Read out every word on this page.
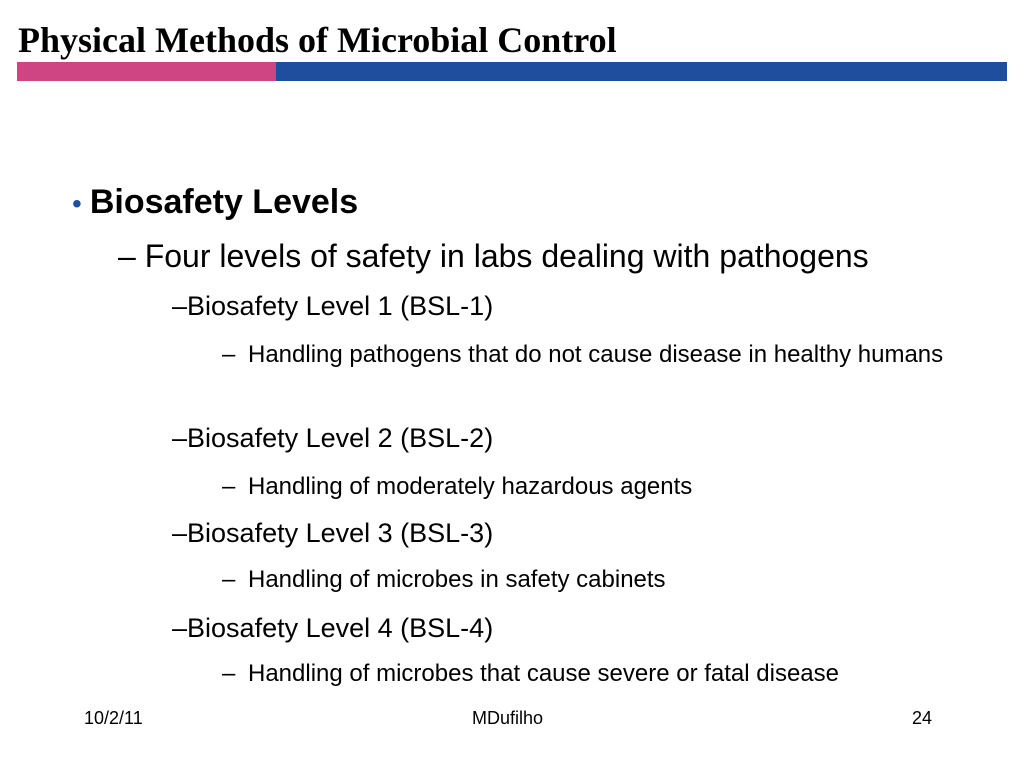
Physical Methods of Microbial Control
• Biosafety Levels
– Four levels of safety in labs dealing with pathogens
–Biosafety Level 1 (BSL-1)
– Handling pathogens that do not cause disease in healthy humans
–Biosafety Level 2 (BSL-2)
– Handling of moderately hazardous agents
–Biosafety Level 3 (BSL-3)
– Handling of microbes in safety cabinets
–Biosafety Level 4 (BSL-4)
– Handling of microbes that cause severe or fatal disease
10/2/11	MDufilho	24
